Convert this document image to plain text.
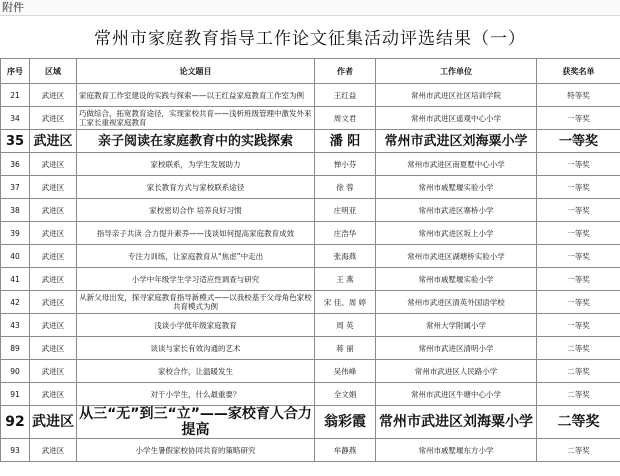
附件
常州市家庭教育指导工作论文征集活动评选结果（一）
序号	区域	论文题目	作者	工作单位	获奖名单
21	武进区	家庭教育工作室建设的实践与探索——以王红益家庭教育工作室为例	王红益	常州市武进区社区培训学院	特等奖
34	武进区	巧做综合，拓宽教育途径，实现家校共育——浅析班级管理中激发外来工家长重视家庭教育	周文君	常州市武进区遥观中心小学	一等奖
35	武进区	亲子阅读在家庭教育中的实践探索	潘 阳	常州市武进区刘海粟小学	一等奖
36	武进区	家校联系，为学生发展助力	惮小芬	常州市武进区南夏墅中心小学	一等奖
37	武进区	家长教育方式与家校联系途径	徐 蓉	常州市戚墅堰实验小学	一等奖
38	武进区	家校密切合作 培养良好习惯	庄明亚	常州市武进区寨桥小学	一等奖
39	武进区	指导亲子共读 合力提升素养——浅谈如何提高家庭教育成效	庄浩华	常州市武进区坂上小学	一等奖
40	武进区	专注力训练，让家庭教育从“焦虑”中走出	张海燕	常州市武进区湖塘桥实验小学	一等奖
41	武进区	小学中年级学生学习适应性调查与研究	王 燕	常州市戚墅堰实验小学	一等奖
42	武进区	从新父母出发，探寻家庭教育指导新模式——以我校基于父母角色家校共育模式为例	宋 佳、周 婷	常州市武进区清英外国语学校	一等奖
43	武进区	浅谈小学低年级家庭教育	周 英	常州大学附属小学	一等奖
89	武进区	谈谈与家长有效沟通的艺术	蒋 丽	常州市武进区清明小学	二等奖
90	武进区	家校合作，让温暖发生	吴伟峰	常州市武进区人民路小学	二等奖
91	武进区	对于小学生，什么最重要？	全文娟	常州市武进区牛塘中心小学	二等奖
92	武进区	从三“无”到三“立”——家校育人合力提高	翁彩霞	常州市武进区刘海粟小学	二等奖
93	武进区	小学生暑假家校协同共育的策略研究	牟静燕	常州市戚墅堰东方小学	二等奖
